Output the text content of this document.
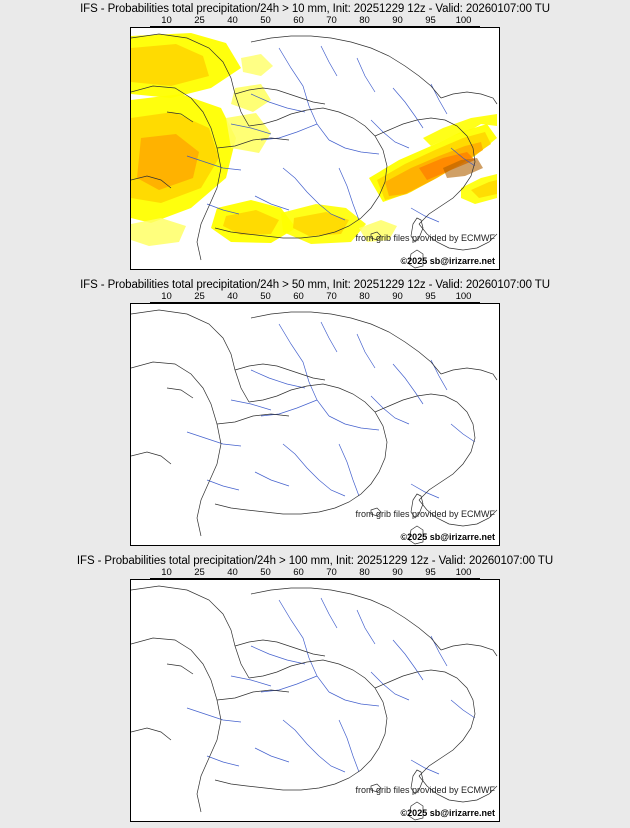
IFS - Probabilities total precipitation/24h > 10 mm, Init: 20251229 12z - Valid: 20260107:00 TU
10 25 40 50 60 70 80 90 95 100
from grib files provided by ECMWF
©2025 sb@irizarre.net
IFS - Probabilities total precipitation/24h > 50 mm, Init: 20251229 12z - Valid: 20260107:00 TU
10 25 40 50 60 70 80 90 95 100
from grib files provided by ECMWF
©2025 sb@irizarre.net
IFS - Probabilities total precipitation/24h > 100 mm, Init: 20251229 12z - Valid: 20260107:00 TU
10 25 40 50 60 70 80 90 95 100
from grib files provided by ECMWF
©2025 sb@irizarre.net
